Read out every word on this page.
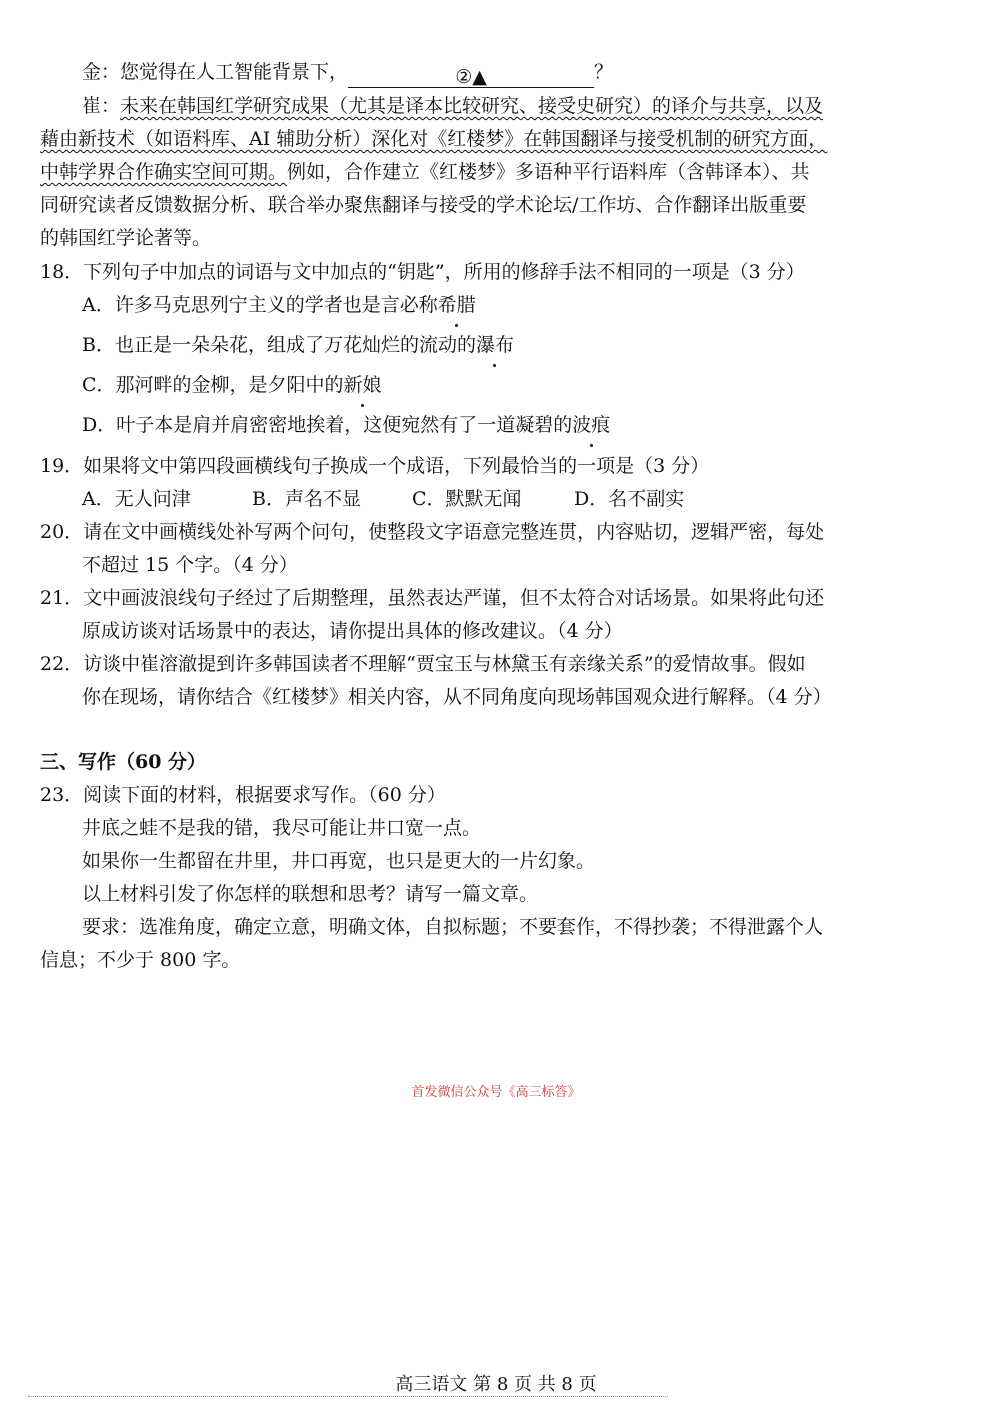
金：您觉得在人工智能背景下，	②▲	？
崔：未来在韩国红学研究成果（尤其是译本比较研究、接受史研究）的译介与共享，以及
藉由新技术（如语料库、AI 辅助分析）深化对《红楼梦》在韩国翻译与接受机制的研究方面，
中韩学界合作确实空间可期。例如，合作建立《红楼梦》多语种平行语料库（含韩译本）、共
同研究读者反馈数据分析、联合举办聚焦翻译与接受的学术论坛/工作坊、合作翻译出版重要
的韩国红学论著等。
18．下列句子中加点的词语与文中加点的“钥匙”，所用的修辞手法不相同的一项是（3 分）
A．许多马克思列宁主义的学者也是言必称希腊
B．也正是一朵朵花，组成了万花灿烂的流动的瀑布
C．那河畔的金柳，是夕阳中的新娘
D．叶子本是肩并肩密密地挨着，这便宛然有了一道凝碧的波痕
19．如果将文中第四段画横线句子换成一个成语，下列最恰当的一项是（3 分）
A．无人问津	B．声名不显	C．默默无闻	D．名不副实
20．请在文中画横线处补写两个问句，使整段文字语意完整连贯，内容贴切，逻辑严密，每处
不超过 15 个字。（4 分）
21．文中画波浪线句子经过了后期整理，虽然表达严谨，但不太符合对话场景。如果将此句还
原成访谈对话场景中的表达，请你提出具体的修改建议。（4 分）
22．访谈中崔溶澈提到许多韩国读者不理解“贾宝玉与林黛玉有亲缘关系”的爱情故事。假如
你在现场，请你结合《红楼梦》相关内容，从不同角度向现场韩国观众进行解释。（4 分）
三、写作（60 分）
23．阅读下面的材料，根据要求写作。（60 分）
井底之蛙不是我的错，我尽可能让井口宽一点。
如果你一生都留在井里，井口再宽，也只是更大的一片幻象。
以上材料引发了你怎样的联想和思考？请写一篇文章。
要求：选准角度，确定立意，明确文体，自拟标题；不要套作，不得抄袭；不得泄露个人
信息；不少于 800 字。
首发微信公众号《高三标答》
高三语文 第 8 页 共 8 页
